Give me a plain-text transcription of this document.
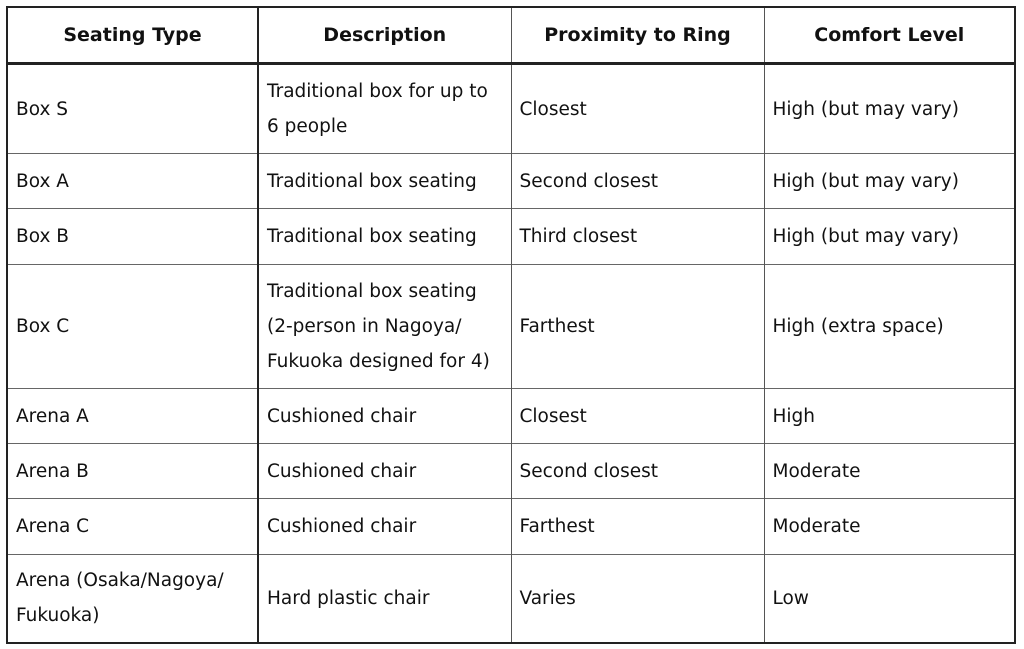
Seating Type	Description	Proximity to Ring	Comfort Level
Box S	Traditional box for up to 6 people	Closest	High (but may vary)
Box A	Traditional box seating	Second closest	High (but may vary)
Box B	Traditional box seating	Third closest	High (but may vary)
Box C	Traditional box seating (2-person in Nagoya/ Fukuoka designed for 4)	Farthest	High (extra space)
Arena A	Cushioned chair	Closest	High
Arena B	Cushioned chair	Second closest	Moderate
Arena C	Cushioned chair	Farthest	Moderate
Arena (Osaka/Nagoya/ Fukuoka)	Hard plastic chair	Varies	Low
